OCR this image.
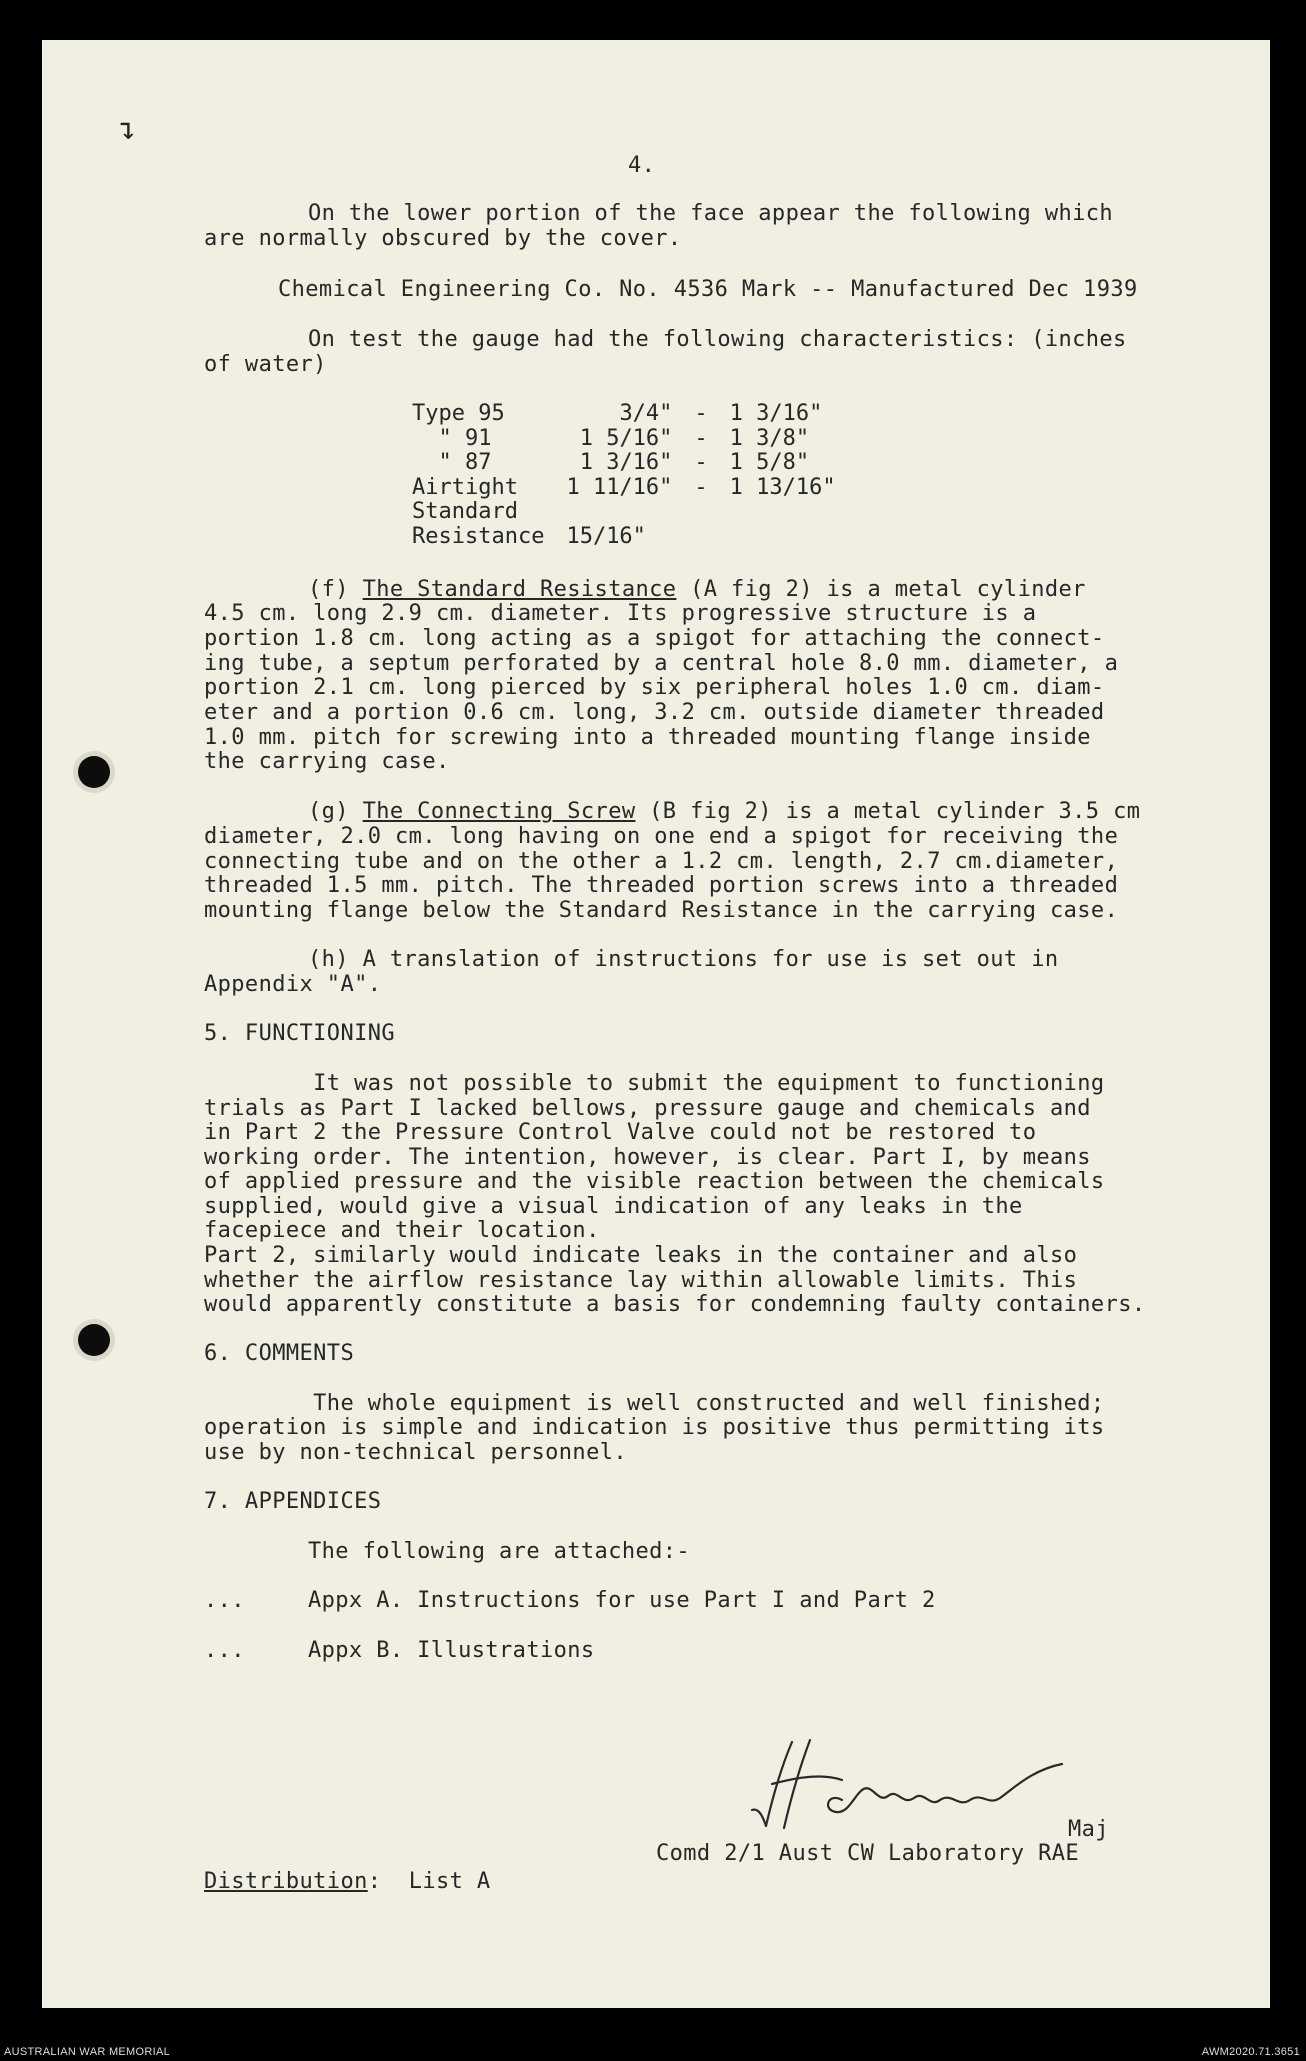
↴
4.
On the lower portion of the face appear the following which
are normally obscured by the cover.
Chemical Engineering Co. No. 4536 Mark -- Manufactured Dec 1939
On test the gauge had the following characteristics: (inches
of water)
Type 95	3/4"	-	1 3/16"
" 91	1 5/16"	-	1 3/8"
" 87	1 3/16"	-	1 5/8"
Airtight	1 11/16"	-	1 13/16"
Standard			
Resistance	15/16"		
(f) The Standard Resistance (A fig 2) is a metal cylinder
4.5 cm. long 2.9 cm. diameter. Its progressive structure is a
portion 1.8 cm. long acting as a spigot for attaching the connect-
ing tube, a septum perforated by a central hole 8.0 mm. diameter, a
portion 2.1 cm. long pierced by six peripheral holes 1.0 cm. diam-
eter and a portion 0.6 cm. long, 3.2 cm. outside diameter threaded
1.0 mm. pitch for screwing into a threaded mounting flange inside
the carrying case.
(g) The Connecting Screw (B fig 2) is a metal cylinder 3.5 cm
diameter, 2.0 cm. long having on one end a spigot for receiving the
connecting tube and on the other a 1.2 cm. length, 2.7 cm.diameter,
threaded 1.5 mm. pitch. The threaded portion screws into a threaded
mounting flange below the Standard Resistance in the carrying case.
(h) A translation of instructions for use is set out in
Appendix "A".
5. FUNCTIONING
It was not possible to submit the equipment to functioning
trials as Part I lacked bellows, pressure gauge and chemicals and
in Part 2 the Pressure Control Valve could not be restored to
working order. The intention, however, is clear. Part I, by means
of applied pressure and the visible reaction between the chemicals
supplied, would give a visual indication of any leaks in the
facepiece and their location.
Part 2, similarly would indicate leaks in the container and also
whether the airflow resistance lay within allowable limits. This
would apparently constitute a basis for condemning faulty containers.
6. COMMENTS
The whole equipment is well constructed and well finished;
operation is simple and indication is positive thus permitting its
use by non-technical personnel.
7. APPENDICES
The following are attached:-
...	Appx A. Instructions for use Part I and Part 2
...	Appx B. Illustrations
Maj
Comd 2/1 Aust CW Laboratory RAE
Distribution: List A
AUSTRALIAN WAR MEMORIAL	AWM2020.71.3651
